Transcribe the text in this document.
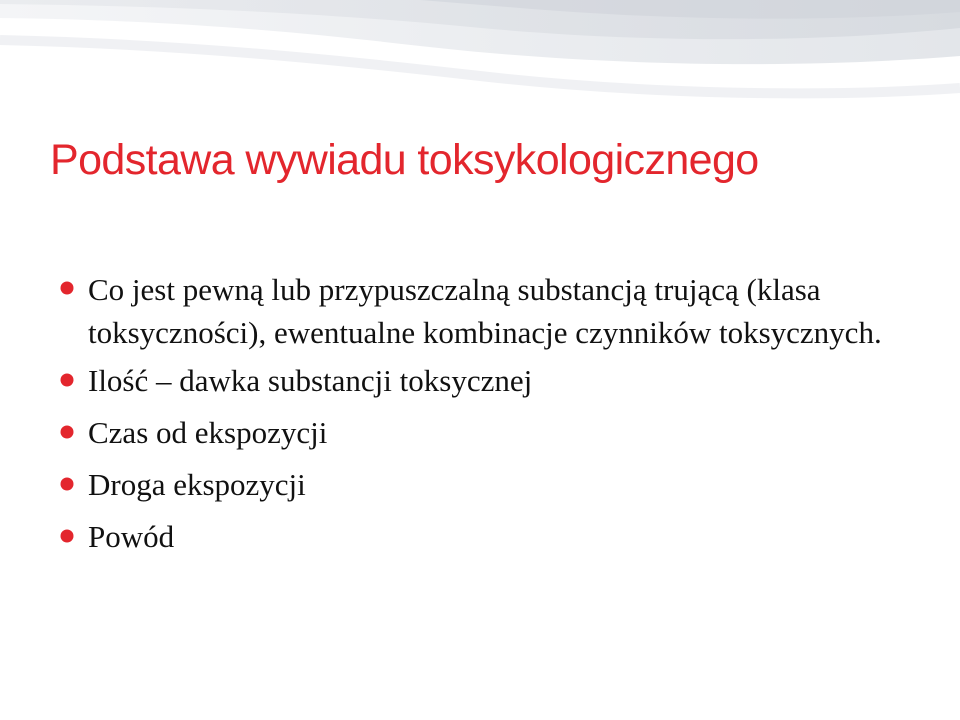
Podstawa wywiadu toksykologicznego
Co jest pewną lub przypuszczalną substancją trującą (klasa toksyczności), ewentualne kombinacje czynników toksycznych.
Ilość – dawka substancji toksycznej
Czas od ekspozycji
Droga ekspozycji
Powód
